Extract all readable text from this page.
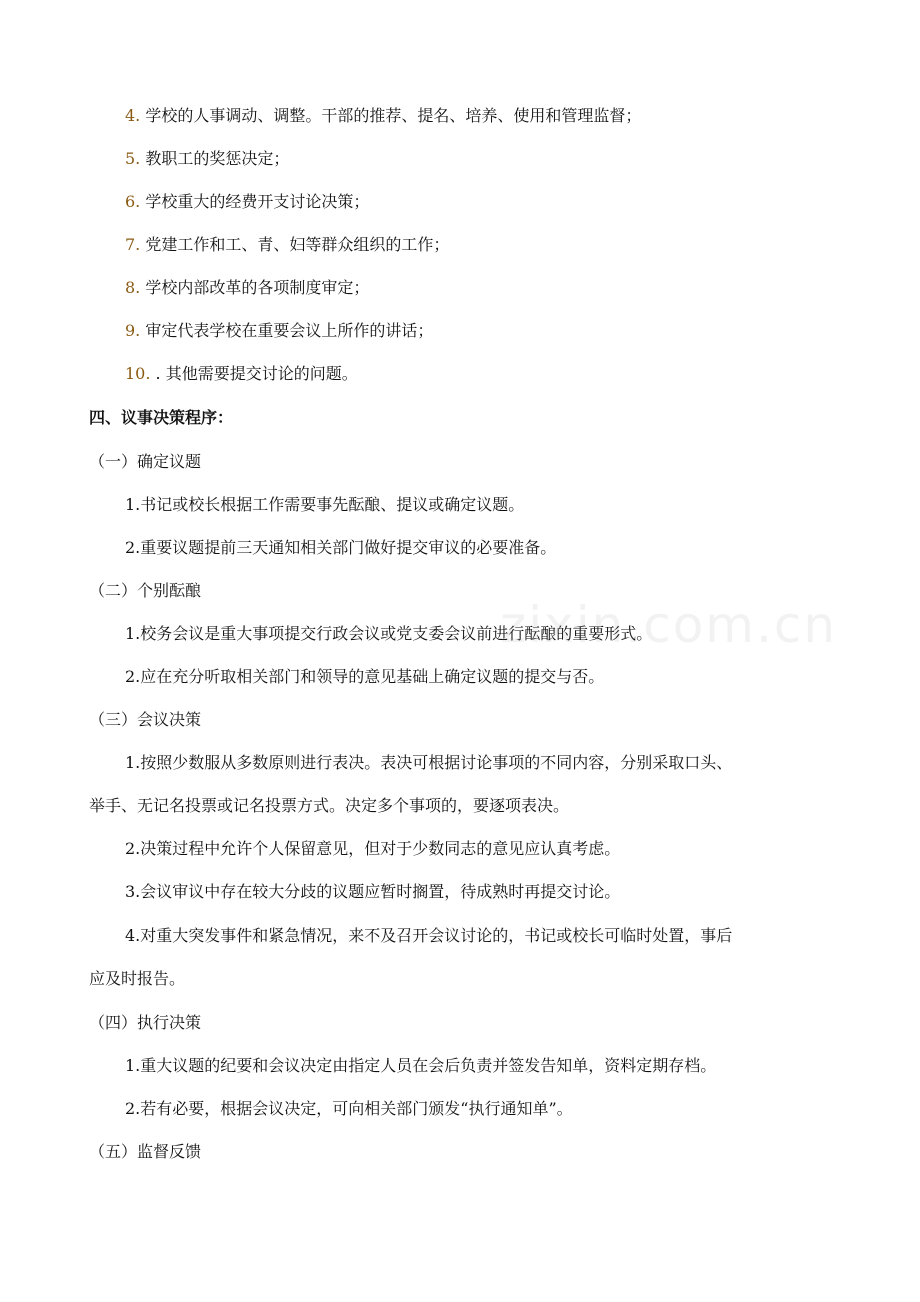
4. 学校的人事调动、调整。干部的推荐、提名、培养、使用和管理监督；
5. 教职工的奖惩决定；
6. 学校重大的经费开支讨论决策；
7. 党建工作和工、青、妇等群众组织的工作；
8. 学校内部改革的各项制度审定；
9. 审定代表学校在重要会议上所作的讲话；
10. . 其他需要提交讨论的问题。
四、议事决策程序：
（一）确定议题
1.书记或校长根据工作需要事先酝酿、提议或确定议题。
2.重要议题提前三天通知相关部门做好提交审议的必要准备。
（二）个别酝酿
1.校务会议是重大事项提交行政会议或党支委会议前进行酝酿的重要形式。
2.应在充分听取相关部门和领导的意见基础上确定议题的提交与否。
（三）会议决策
1.按照少数服从多数原则进行表决。表决可根据讨论事项的不同内容，分别采取口头、
举手、无记名投票或记名投票方式。决定多个事项的，要逐项表决。
2.决策过程中允许个人保留意见，但对于少数同志的意见应认真考虑。
3.会议审议中存在较大分歧的议题应暂时搁置，待成熟时再提交讨论。
4.对重大突发事件和紧急情况，来不及召开会议讨论的，书记或校长可临时处置，事后
应及时报告。
（四）执行决策
1.重大议题的纪要和会议决定由指定人员在会后负责并签发告知单，资料定期存档。
2.若有必要，根据会议决定，可向相关部门颁发“执行通知单”。
（五）监督反馈
zixin.com.cn
